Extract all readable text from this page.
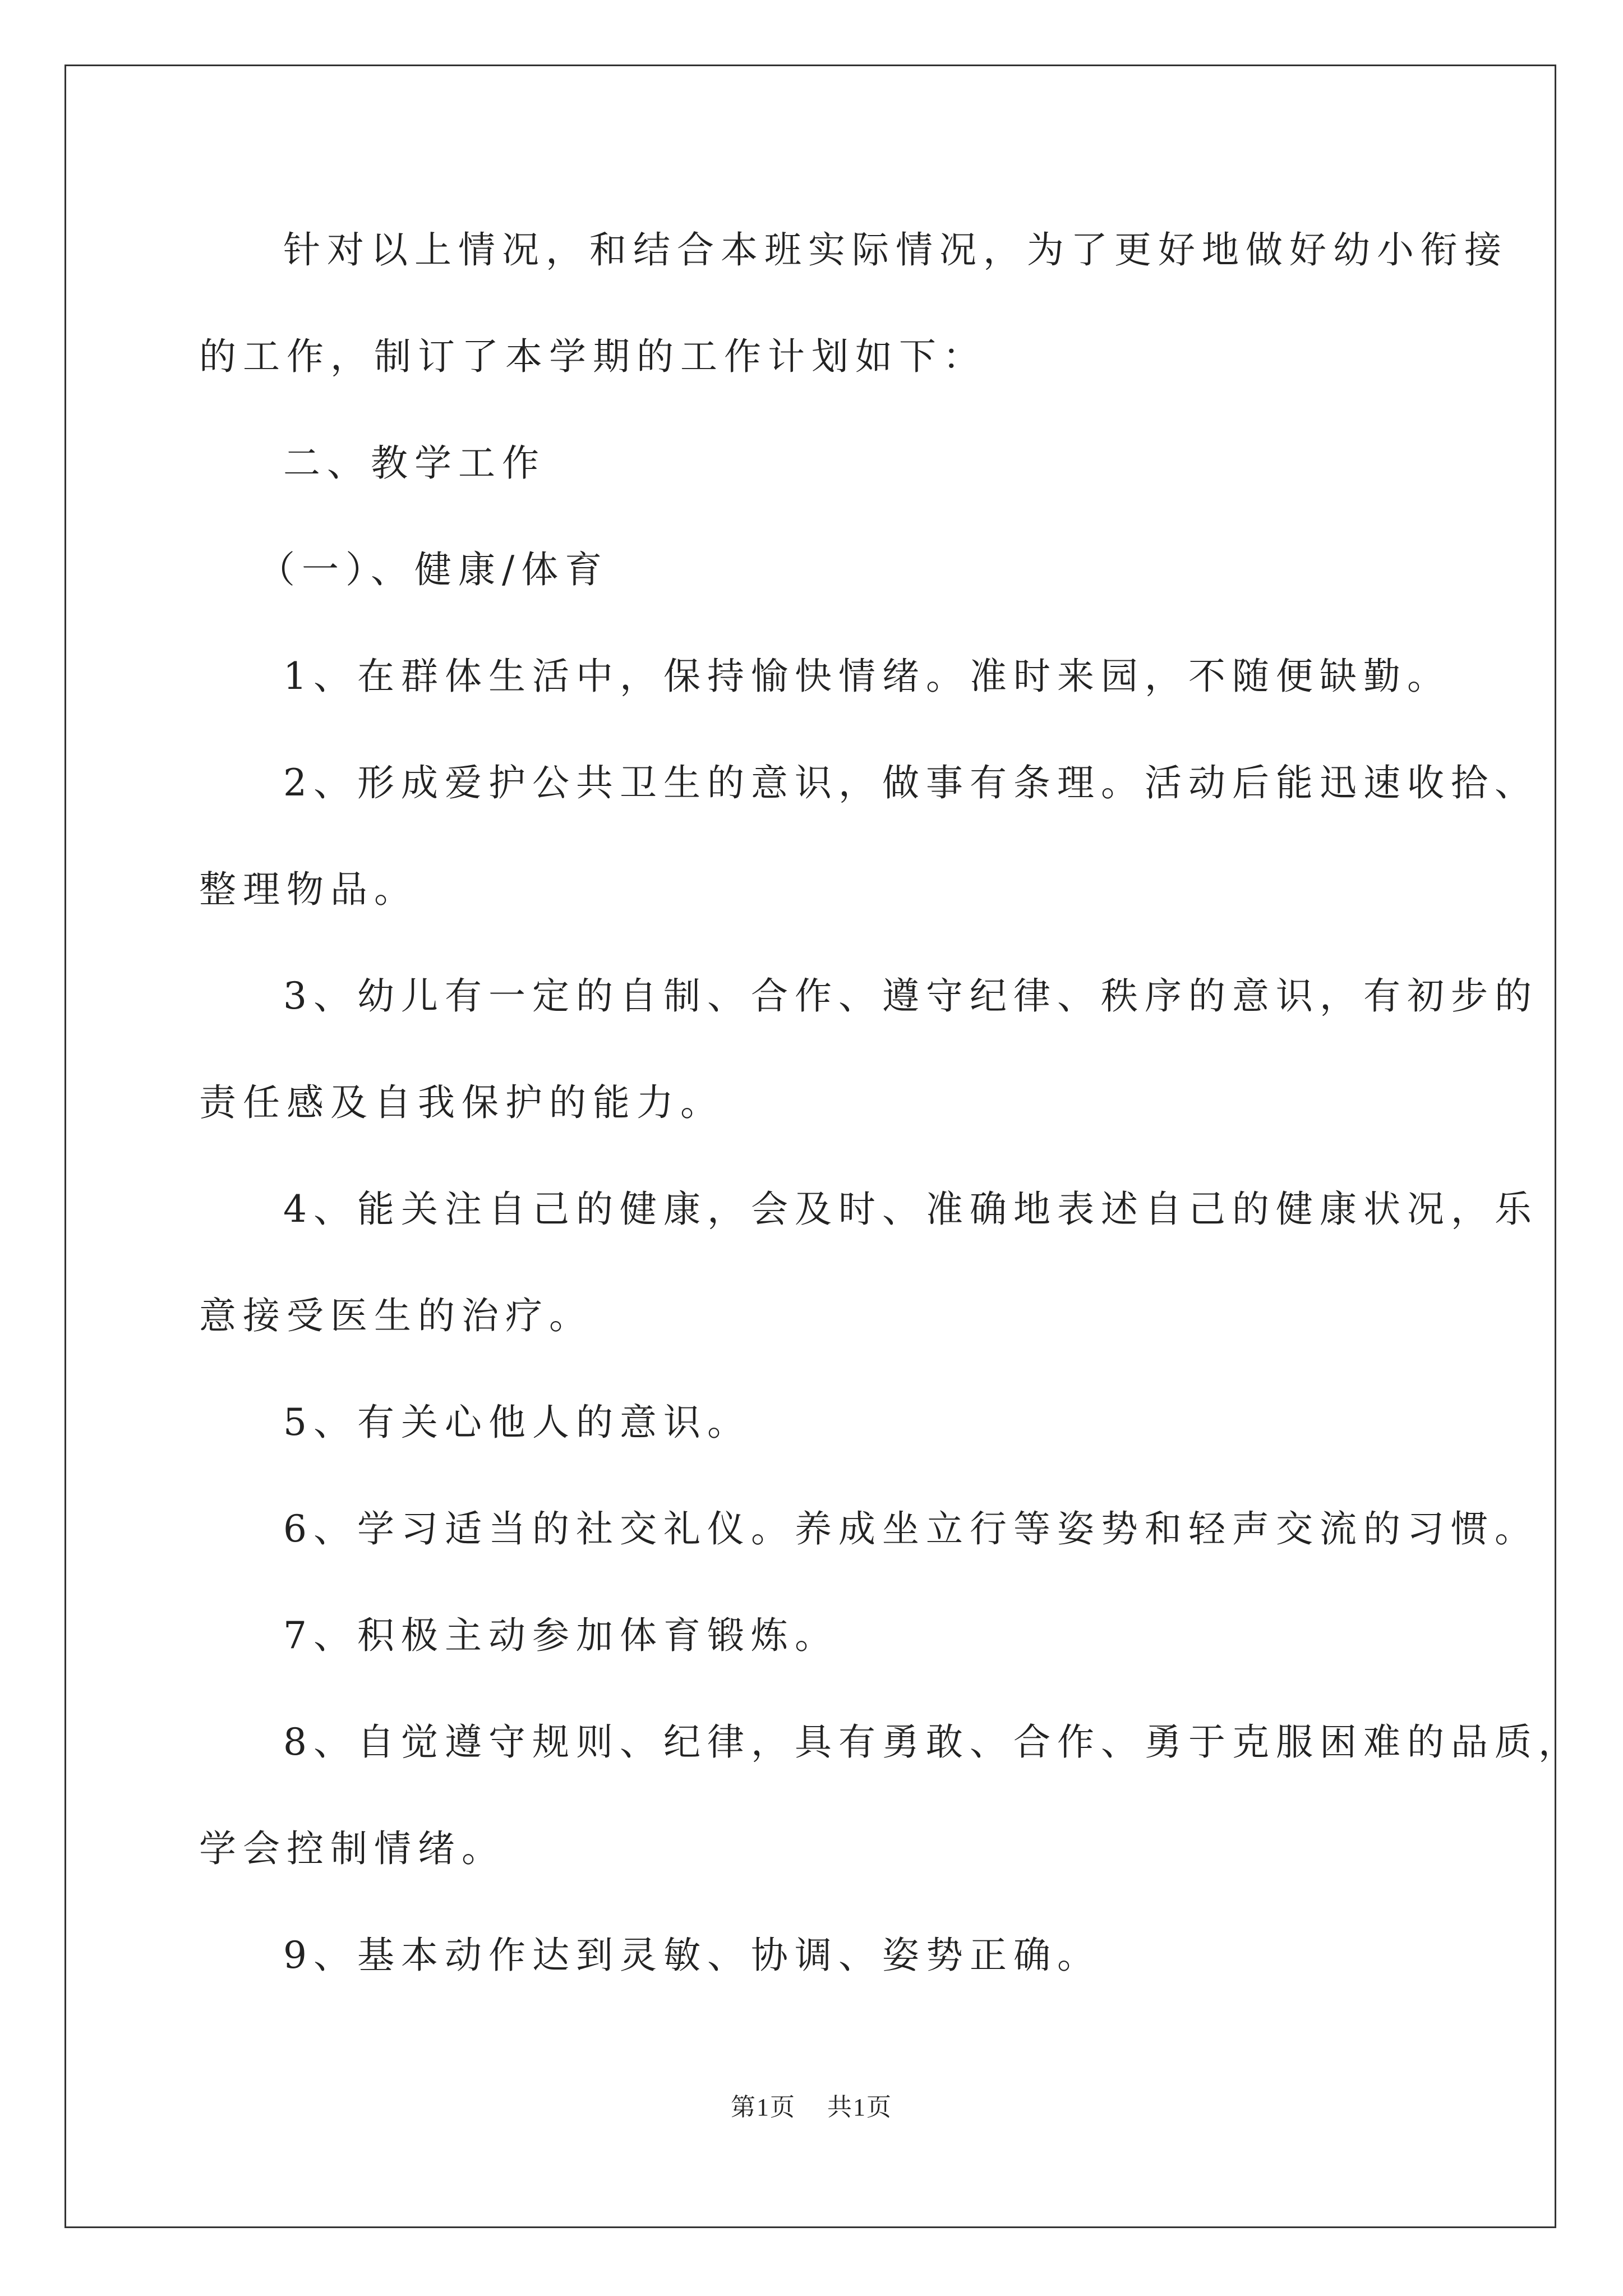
针对以上情况，和结合本班实际情况，为了更好地做好幼小衔接
的工作，制订了本学期的工作计划如下：
二、教学工作
（一）、健康/体育
1、在群体生活中，保持愉快情绪。准时来园，不随便缺勤。
2、形成爱护公共卫生的意识，做事有条理。活动后能迅速收拾、
整理物品。
3、幼儿有一定的自制、合作、遵守纪律、秩序的意识，有初步的
责任感及自我保护的能力。
4、能关注自己的健康，会及时、准确地表述自己的健康状况，乐
意接受医生的治疗。
5、有关心他人的意识。
6、学习适当的社交礼仪。养成坐立行等姿势和轻声交流的习惯。
7、积极主动参加体育锻炼。
8、自觉遵守规则、纪律，具有勇敢、合作、勇于克服困难的品质，
学会控制情绪。
9、基本动作达到灵敏、协调、姿势正确。
第1页 共1页
